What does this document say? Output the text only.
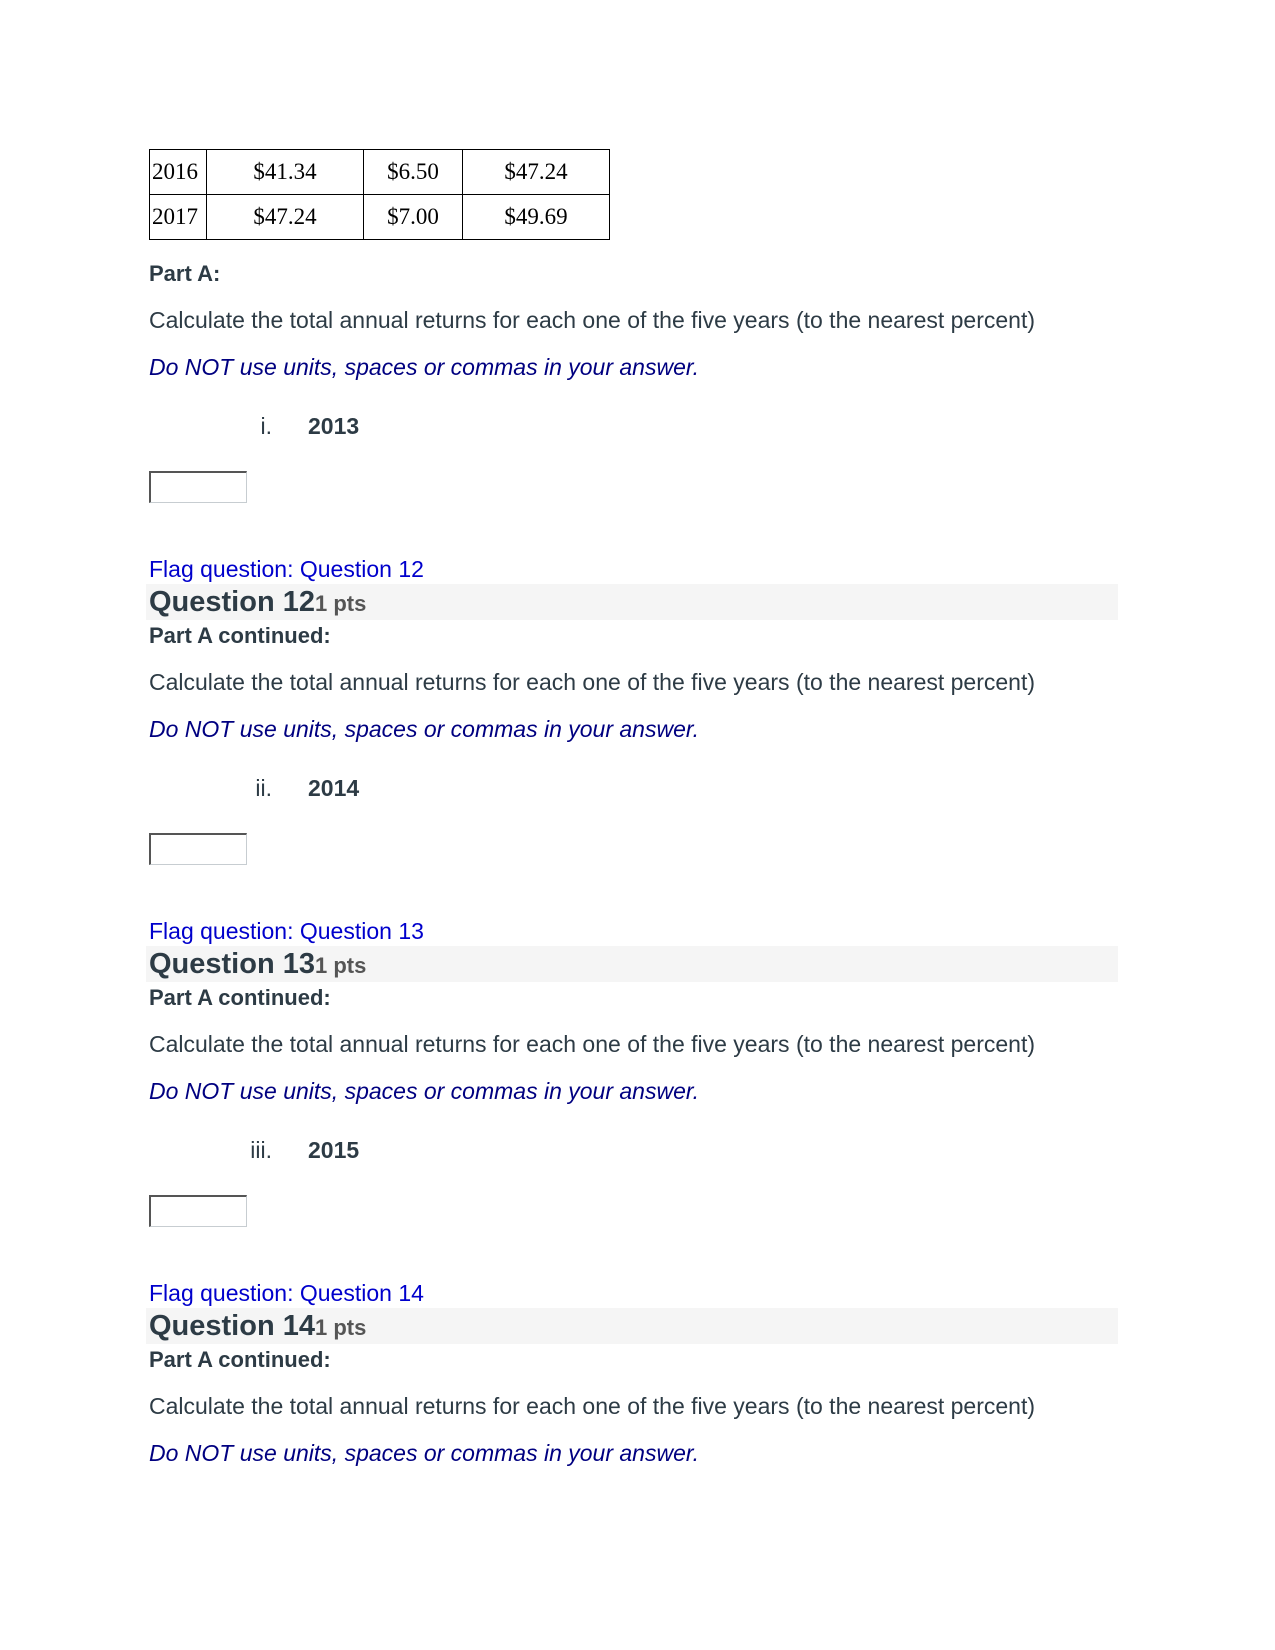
2016	$41.34	$6.50	$47.24
2017	$47.24	$7.00	$49.69
Part A:
Calculate the total annual returns for each one of the five years (to the nearest percent)
Do NOT use units, spaces or commas in your answer.
i. 2013
Flag question: Question 12
Question 121 pts
Part A continued:
Calculate the total annual returns for each one of the five years (to the nearest percent)
Do NOT use units, spaces or commas in your answer.
ii. 2014
Flag question: Question 13
Question 131 pts
Part A continued:
Calculate the total annual returns for each one of the five years (to the nearest percent)
Do NOT use units, spaces or commas in your answer.
iii. 2015
Flag question: Question 14
Question 141 pts
Part A continued:
Calculate the total annual returns for each one of the five years (to the nearest percent)
Do NOT use units, spaces or commas in your answer.
